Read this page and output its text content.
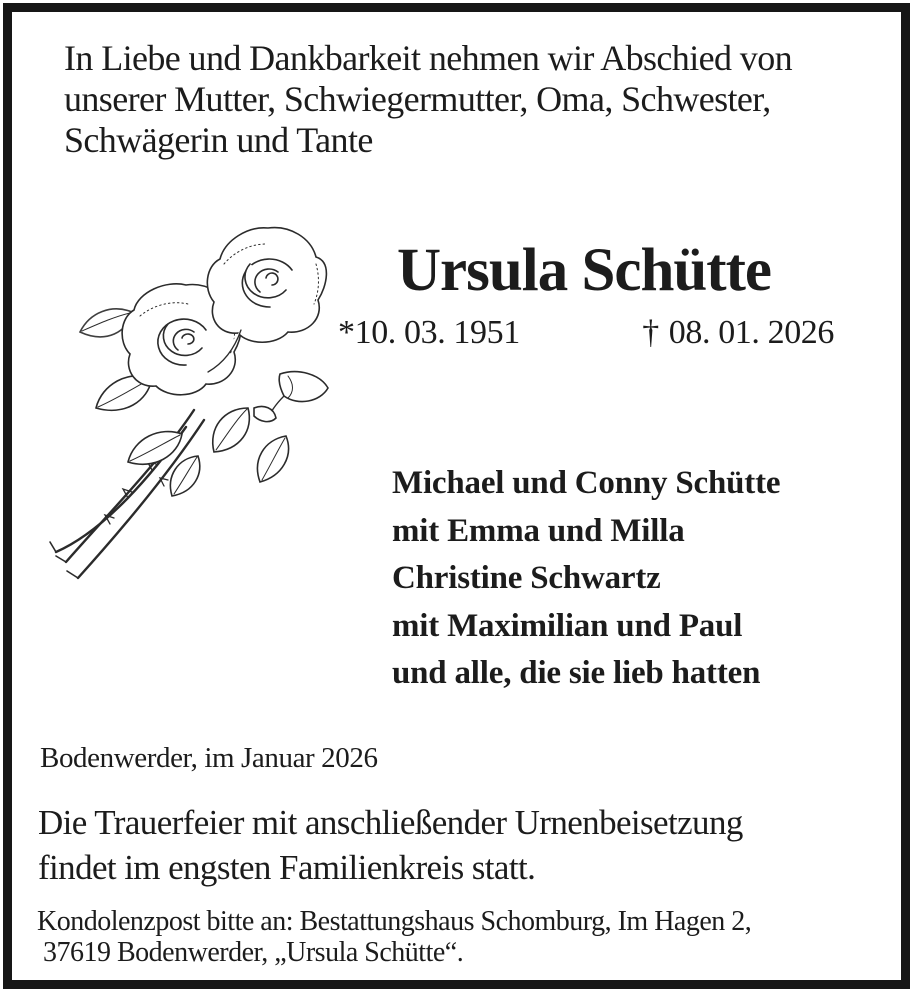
In Liebe und Dankbarkeit nehmen wir Abschied von
unserer Mutter, Schwiegermutter, Oma, Schwester,
Schwägerin und Tante
Ursula Schütte
* 10. 03. 1951	† 08. 01. 2026
Michael und Conny Schütte
mit Emma und Milla
Christine Schwartz
mit Maximilian und Paul
und alle, die sie lieb hatten
Bodenwerder, im Januar 2026
Die Trauerfeier mit anschließender Urnenbeisetzung
findet im engsten Familienkreis statt.
Kondolenzpost bitte an: Bestattungshaus Schomburg, Im Hagen 2,
37619 Bodenwerder, „Ursula Schütte“.
